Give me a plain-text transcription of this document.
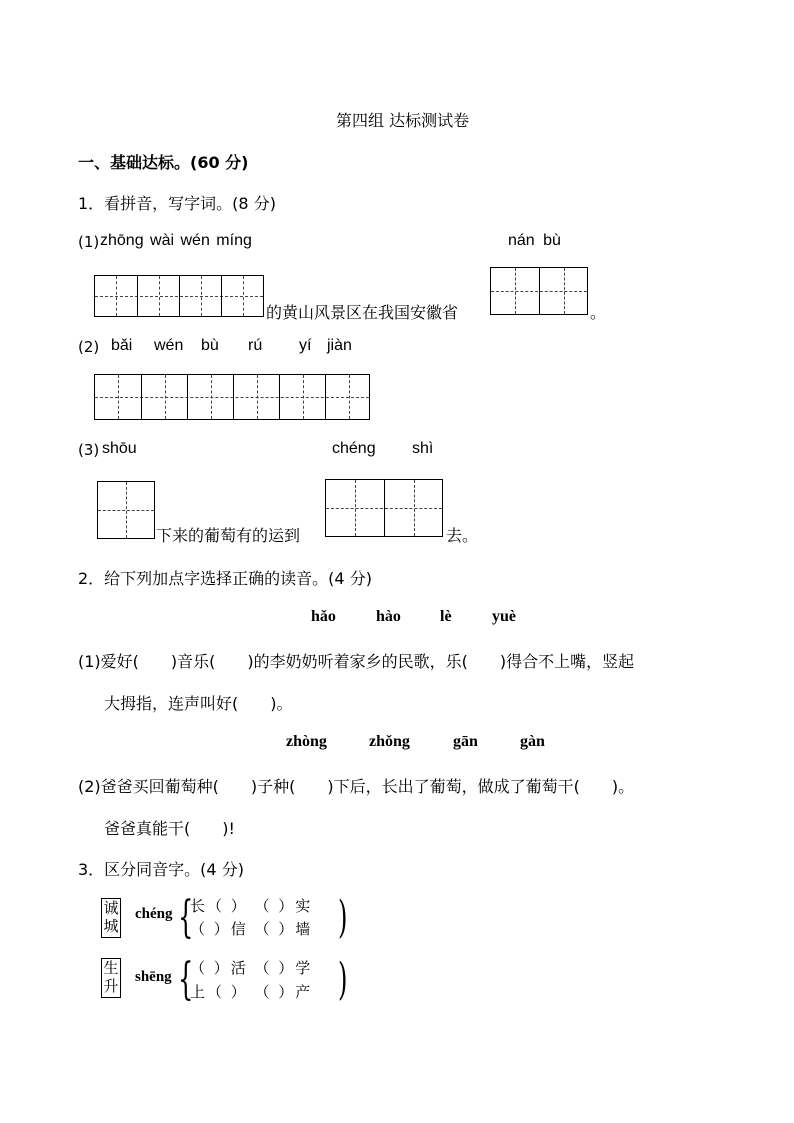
第四组 达标测试卷
一、基础达标。(60 分)
1．看拼音，写字词。(8 分)
(1) zhōng wài wén míng	nán bù
的黄山风景区在我国安徽省	。
(2) bǎi wén bù rú yí jiàn
(3) shōu	chéng shì
下来的葡萄有的运到	去。
2．给下列加点字选择正确的读音。(4 分)
hǎo	hào lè	yuè
(1)爱好(　　)音乐(　　)的李奶奶听着家乡的民歌，乐(　　)得合不上嘴，竖起
大拇指，连声叫好(　　)。
zhòng	zhǒng	gān	gàn
(2)爸爸买回葡萄种(　　)子种(　　)下后，长出了葡萄，做成了葡萄干(　　)。
爸爸真能干(　　)!
3．区分同音字。(4 分)
诚
城
chéng {
长（ ） （ ）实
（ ）信 （ ）墙 )
生
升 shēng {
（ ）活 （ ）学
上（ ） （ ）产 )
